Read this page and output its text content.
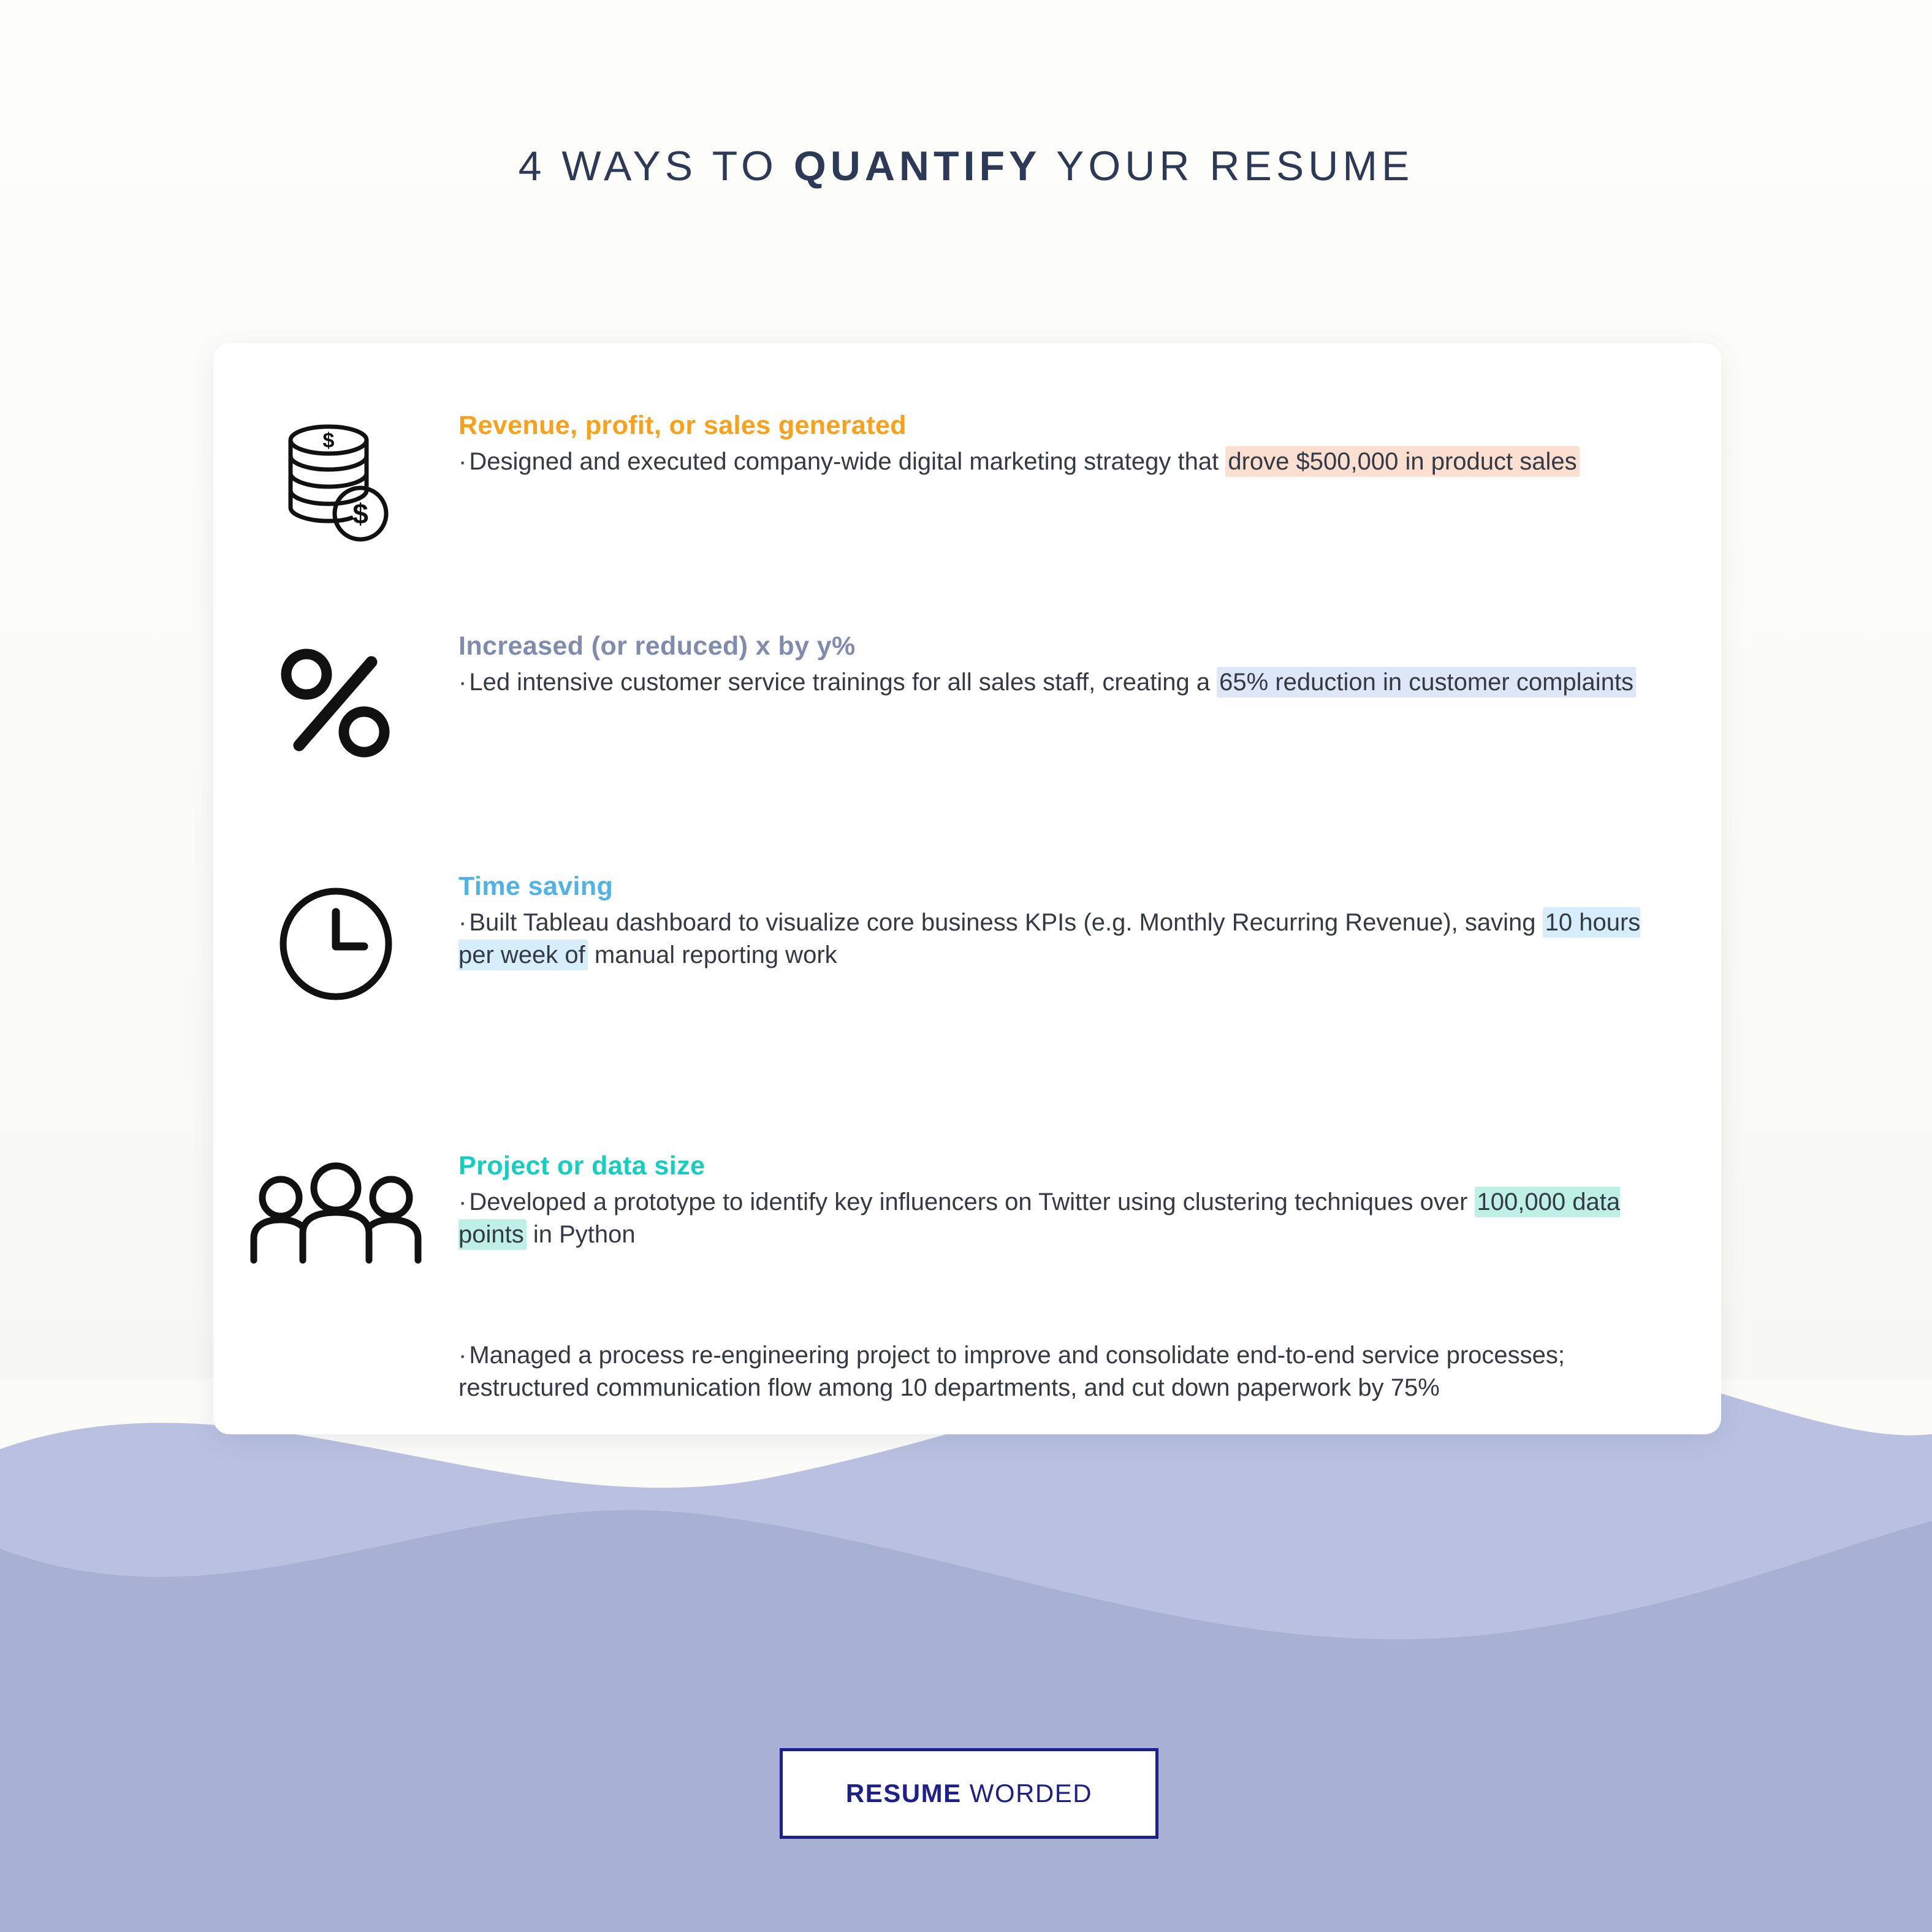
4 WAYS TO QUANTIFY YOUR RESUME
$
$
Revenue, profit, or sales generated

· Designed and executed company-wide digital marketing strategy that drove $500,000 in product sales

Increased (or reduced) x by y%

· Led intensive customer service trainings for all sales staff, creating a 65% reduction in customer complaints

Time saving

· Built Tableau dashboard to visualize core business KPIs (e.g. Monthly Recurring Revenue), saving 10 hours per week of manual reporting work

Project or data size

· Developed a prototype to identify key influencers on Twitter using clustering techniques over 100,000 data points in Python

· Managed a process re-engineering project to improve and consolidate end-to-end service processes; restructured communication flow among 10 departments, and cut down paperwork by 75%

RESUME WORDED
